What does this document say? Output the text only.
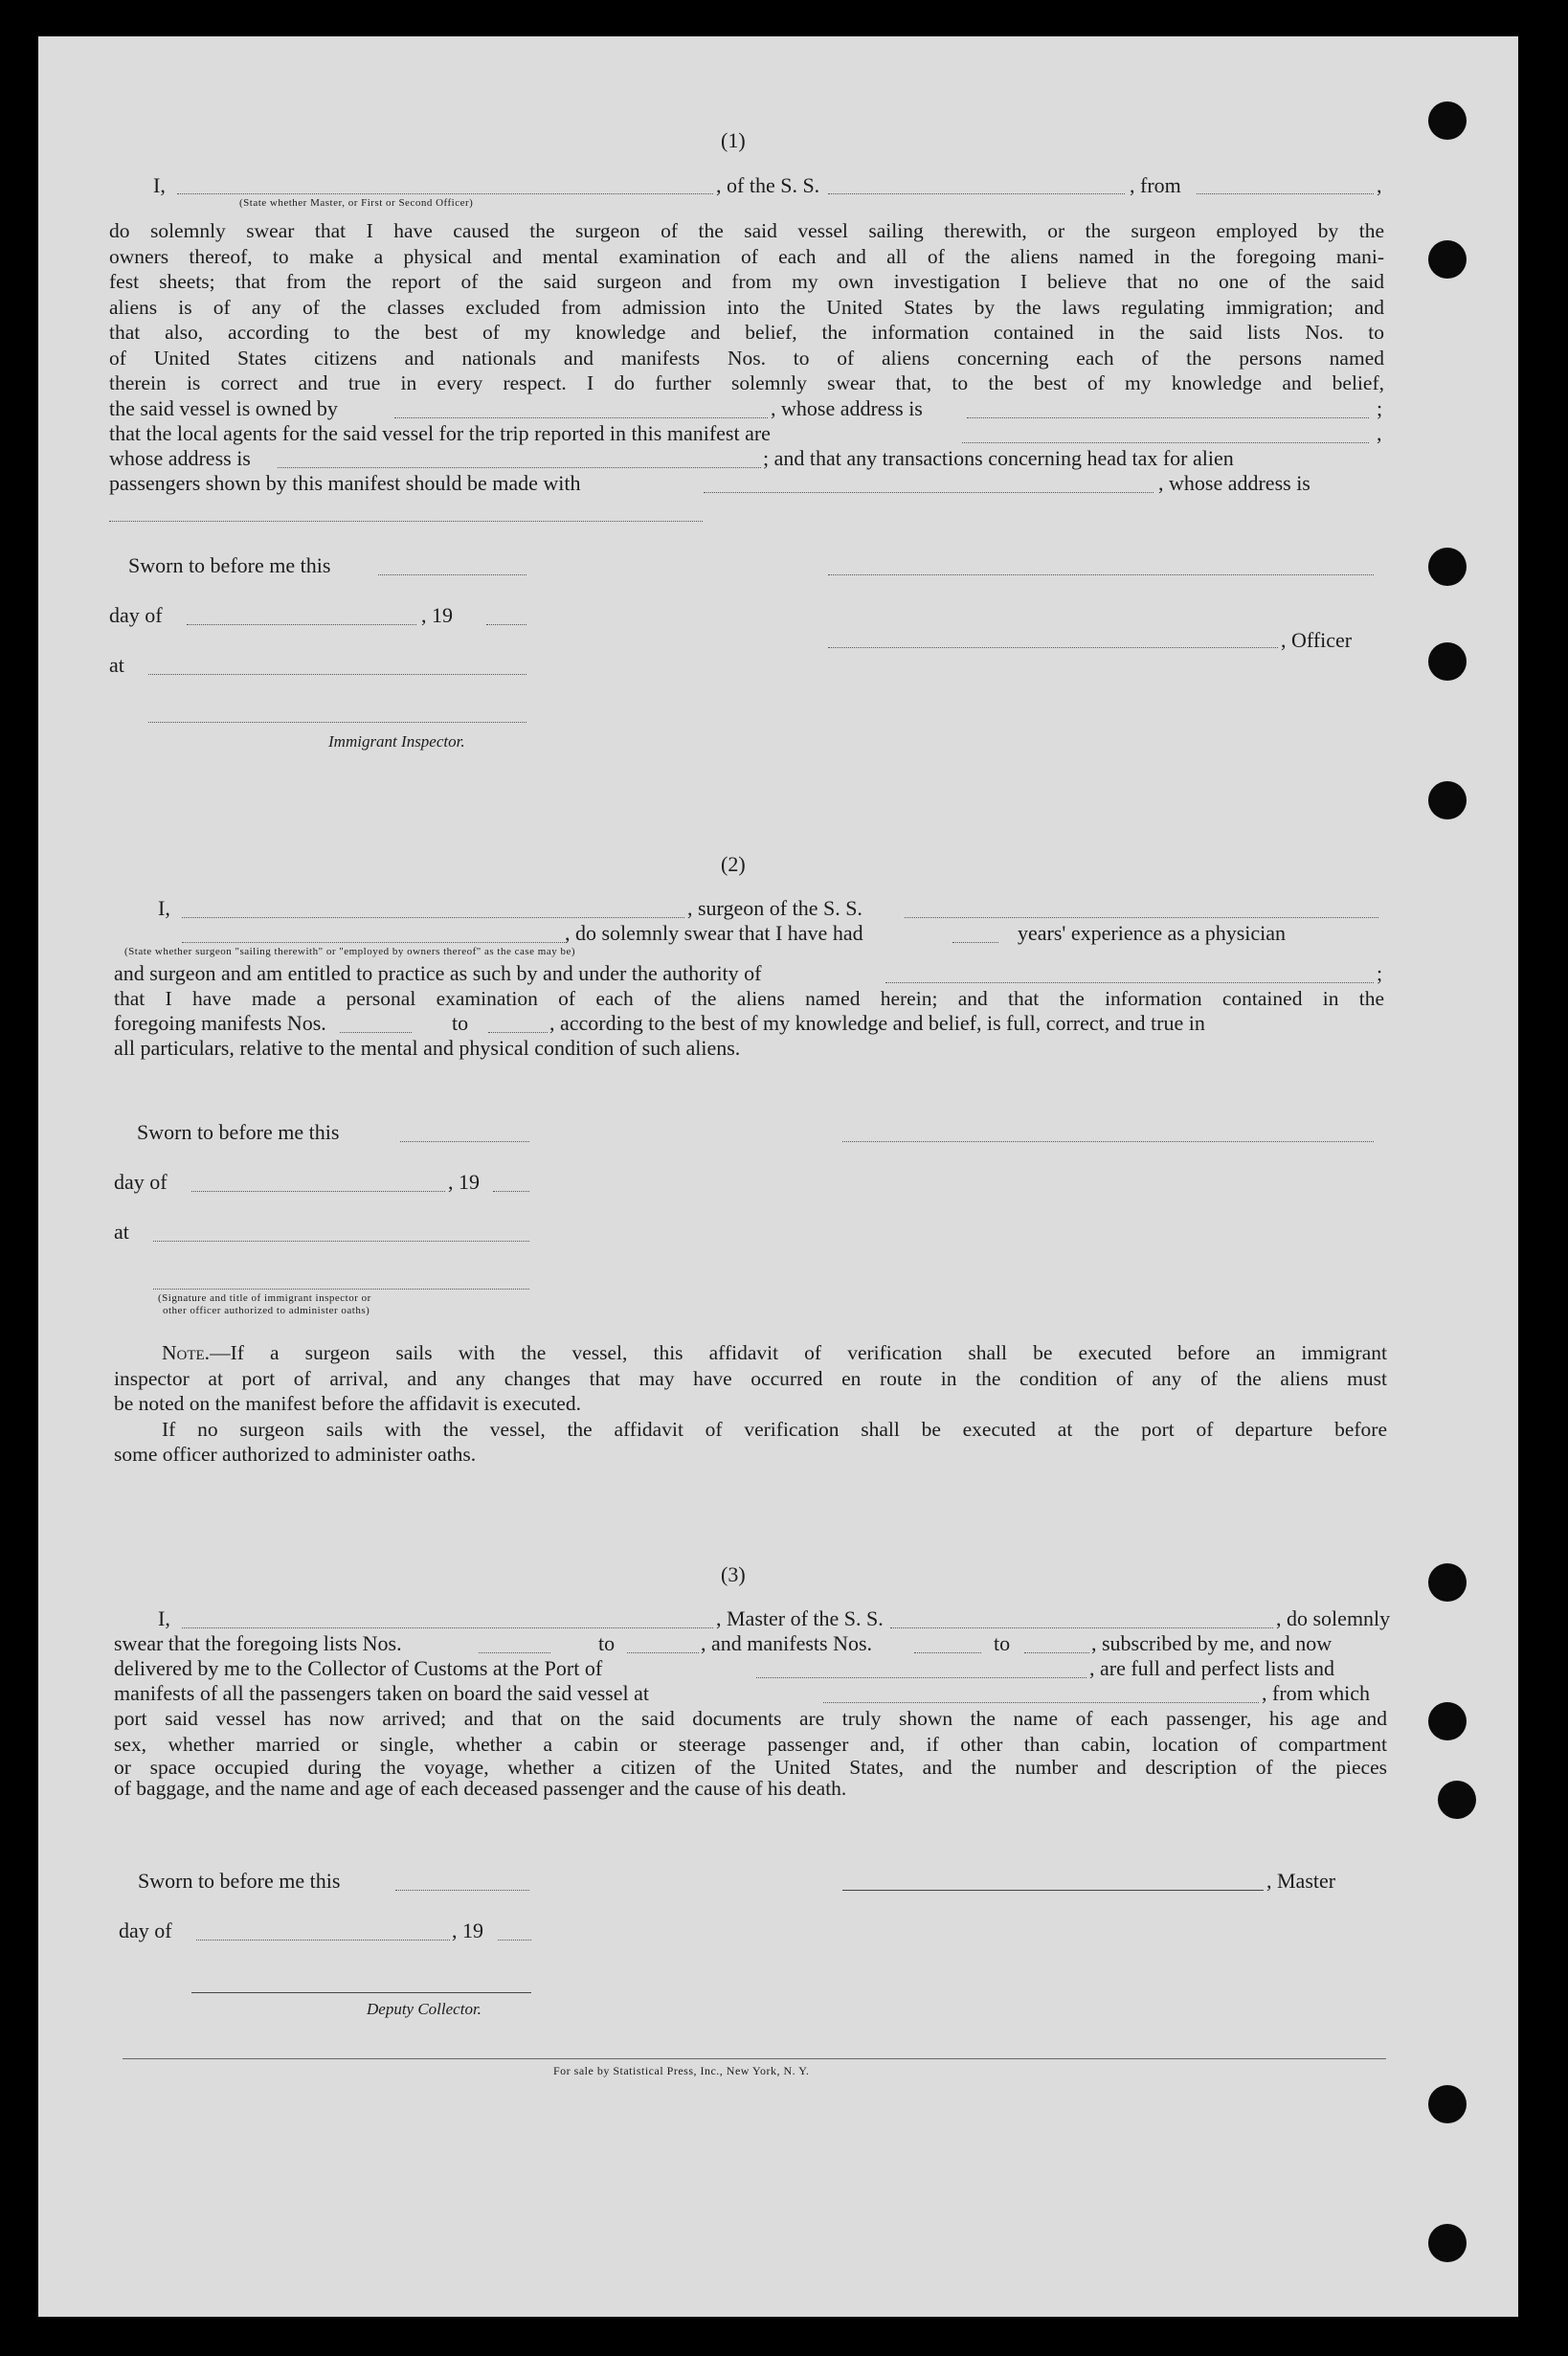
(1)
I,
(State whether Master, or First or Second Officer)
, of the S. S.	, from	,
do solemnly swear that I have caused the surgeon of the said vessel sailing therewith, or the surgeon employed by the
owners thereof, to make a physical and mental examination of each and all of the aliens named in the foregoing mani-
fest sheets; that from the report of the said surgeon and from my own investigation I believe that no one of the said
aliens is of any of the classes excluded from admission into the United States by the laws regulating immigration; and
that also, according to the best of my knowledge and belief, the information contained in the said lists Nos. to
of United States citizens and nationals and manifests Nos. to of aliens concerning each of the persons named
therein is correct and true in every respect. I do further solemnly swear that, to the best of my knowledge and belief,
the said vessel is owned by	, whose address is	;
that the local agents for the said vessel for the trip reported in this manifest are	,
whose address is	; and that any transactions concerning head tax for alien
passengers shown by this manifest should be made with	, whose address is
Sworn to before me this
day of	, 19
, Officer
at
Immigrant Inspector.
(2)
I,	, surgeon of the S. S.
, do solemnly swear that I have had	years' experience as a physician
(State whether surgeon "sailing therewith" or "employed by owners thereof" as the case may be)
and surgeon and am entitled to practice as such by and under the authority of	;
that I have made a personal examination of each of the aliens named herein; and that the information contained in the
foregoing manifests Nos.	to	, according to the best of my knowledge and belief, is full, correct, and true in
all particulars, relative to the mental and physical condition of such aliens.
Sworn to before me this
day of	, 19
at
(Signature and title of immigrant inspector or
other officer authorized to administer oaths)
Note.—If a surgeon sails with the vessel, this affidavit of verification shall be executed before an immigrant
inspector at port of arrival, and any changes that may have occurred en route in the condition of any of the aliens must
be noted on the manifest before the affidavit is executed.
If no surgeon sails with the vessel, the affidavit of verification shall be executed at the port of departure before
some officer authorized to administer oaths.
(3)
I,	, Master of the S. S.	, do solemnly
swear that the foregoing lists Nos.	to	, and manifests Nos.	to	, subscribed by me, and now
delivered by me to the Collector of Customs at the Port of	, are full and perfect lists and
manifests of all the passengers taken on board the said vessel at	, from which
port said vessel has now arrived; and that on the said documents are truly shown the name of each passenger, his age and
sex, whether married or single, whether a cabin or steerage passenger and, if other than cabin, location of compartment
or space occupied during the voyage, whether a citizen of the United States, and the number and description of the pieces
of baggage, and the name and age of each deceased passenger and the cause of his death.
Sworn to before me this	, Master
day of	, 19
Deputy Collector.
For sale by Statistical Press, Inc., New York, N. Y.
